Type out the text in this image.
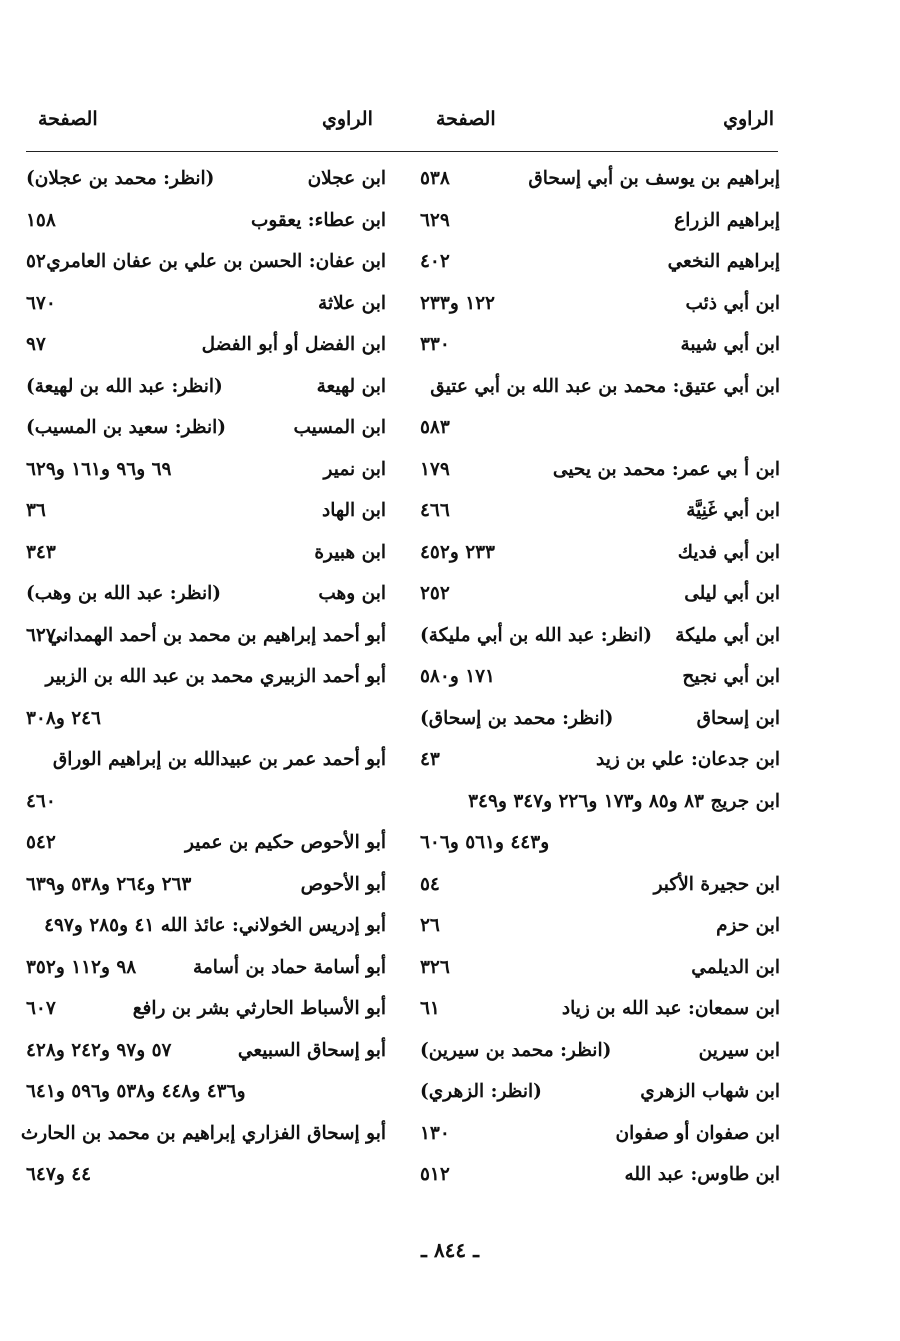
الراوي
الصفحة
الراوي
الصفحة
إبراهيم بن يوسف بن أبي إسحاق
٥٣٨
إبراهيم الزراع
٦٢٩
إبراهيم النخعي
٤٠٢
ابن أبي ذئب
١٢٢ و٢٣٣
ابن أبي شيبة
٣٣٠
ابن أبي عتيق: محمد بن عبد الله بن أبي عتيق
٥٨٣
ابن أ بي عمر: محمد بن يحيى
١٧٩
ابن أبي غَنِيَّة
٤٦٦
ابن أبي فديك
٢٣٣ و٤٥٢
ابن أبي ليلى
٢٥٢
ابن أبي مليكة
(انظر: عبد الله بن أبي مليكة)
ابن أبي نجيح
١٧١ و٥٨٠
ابن إسحاق
(انظر: محمد بن إسحاق)
ابن جدعان: علي بن زيد
٤٣
ابن جريج ٨٣ و٨٥ و١٧٣ و٢٢٦ و٣٤٧ و٣٤٩
و٤٤٣ و٥٦١ و٦٠٦
ابن حجيرة الأكبر
٥٤
ابن حزم
٢٦
ابن الديلمي
٣٢٦
ابن سمعان: عبد الله بن زياد
٦١
ابن سيرين
(انظر: محمد بن سيرين)
ابن شهاب الزهري
(انظر: الزهري)
ابن صفوان أو صفوان
١٣٠
ابن طاوس: عبد الله
٥١٢
ابن عجلان
(انظر: محمد بن عجلان)
ابن عطاء: يعقوب
١٥٨
ابن عفان: الحسن بن علي بن عفان العامري
٥٢
ابن علاثة
٦٧٠
ابن الفضل أو أبو الفضل
٩٧
ابن لهيعة
(انظر: عبد الله بن لهيعة)
ابن المسيب
(انظر: سعيد بن المسيب)
ابن نمير
٦٩ و٩٦ و١٦١ و٦٢٩
ابن الهاد
٣٦
ابن هبيرة
٣٤٣
ابن وهب
(انظر: عبد الله بن وهب)
أبو أحمد إبراهيم بن محمد بن أحمد الهمداني
٦٢٧
أبو أحمد الزبيري محمد بن عبد الله بن الزبير
٢٤٦ و٣٠٨
أبو أحمد عمر بن عبيدالله بن إبراهيم الوراق
٤٦٠
أبو الأحوص حكيم بن عمير
٥٤٢
أبو الأحوص
٢٦٣ و٢٦٤ و٥٣٨ و٦٣٩
أبو إدريس الخولاني: عائذ الله ٤١ و٢٨٥ و٤٩٧
أبو أسامة حماد بن أسامة
٩٨ و١١٢ و٣٥٢
أبو الأسباط الحارثي بشر بن رافع
٦٠٧
أبو إسحاق السبيعي
٥٧ و٩٧ و٢٤٢ و٤٢٨
و٤٣٦ و٤٤٨ و٥٣٨ و٥٩٦ و٦٤١
أبو إسحاق الفزاري إبراهيم بن محمد بن الحارث
٤٤ و٦٤٧
ـ ٨٤٤ ـ
